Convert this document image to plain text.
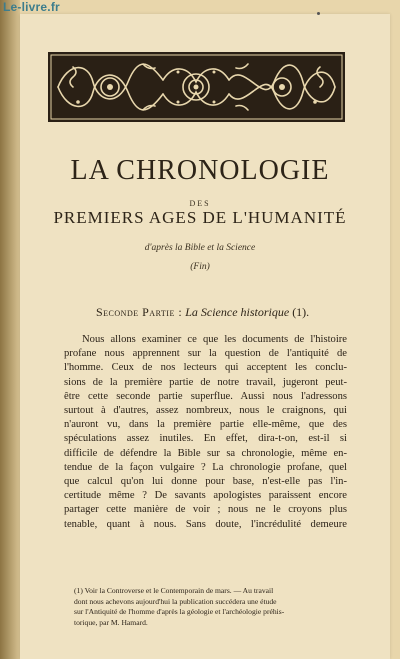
Le-livre.fr
LA CHRONOLOGIE
DES
PREMIERS AGES DE L'HUMANITÉ
d'après la Bible et la Science
(Fin)
Seconde Partie : La Science historique (1).
Nous allons examiner ce que les documents de l'histoire
profane nous apprennent sur la question de l'antiquité de
l'homme. Ceux de nos lecteurs qui acceptent les conclu-
sions de la première partie de notre travail, jugeront peut-
être cette seconde partie superflue. Aussi nous l'adressons
surtout à d'autres, assez nombreux, nous le craignons, qui
n'auront vu, dans la première partie elle-même, que des
spéculations assez inutiles. En effet, dira-t-on, est-il si
difficile de défendre la Bible sur sa chronologie, même en-
tendue de la façon vulgaire ? La chronologie profane, quel
que calcul qu'on lui donne pour base, n'est-elle pas l'in-
certitude même ? De savants apologistes paraissent encore
partager cette manière de voir ; nous ne le croyons plus
tenable, quant à nous. Sans doute, l'incrédulité demeure
(1) Voir la Controverse et le Contemporain de mars. — Au travail
dont nous achevons aujourd'hui la publication succédera une étude
sur l'Antiquité de l'homme d'après la géologie et l'archéologie préhis-
torique, par M. Hamard.
